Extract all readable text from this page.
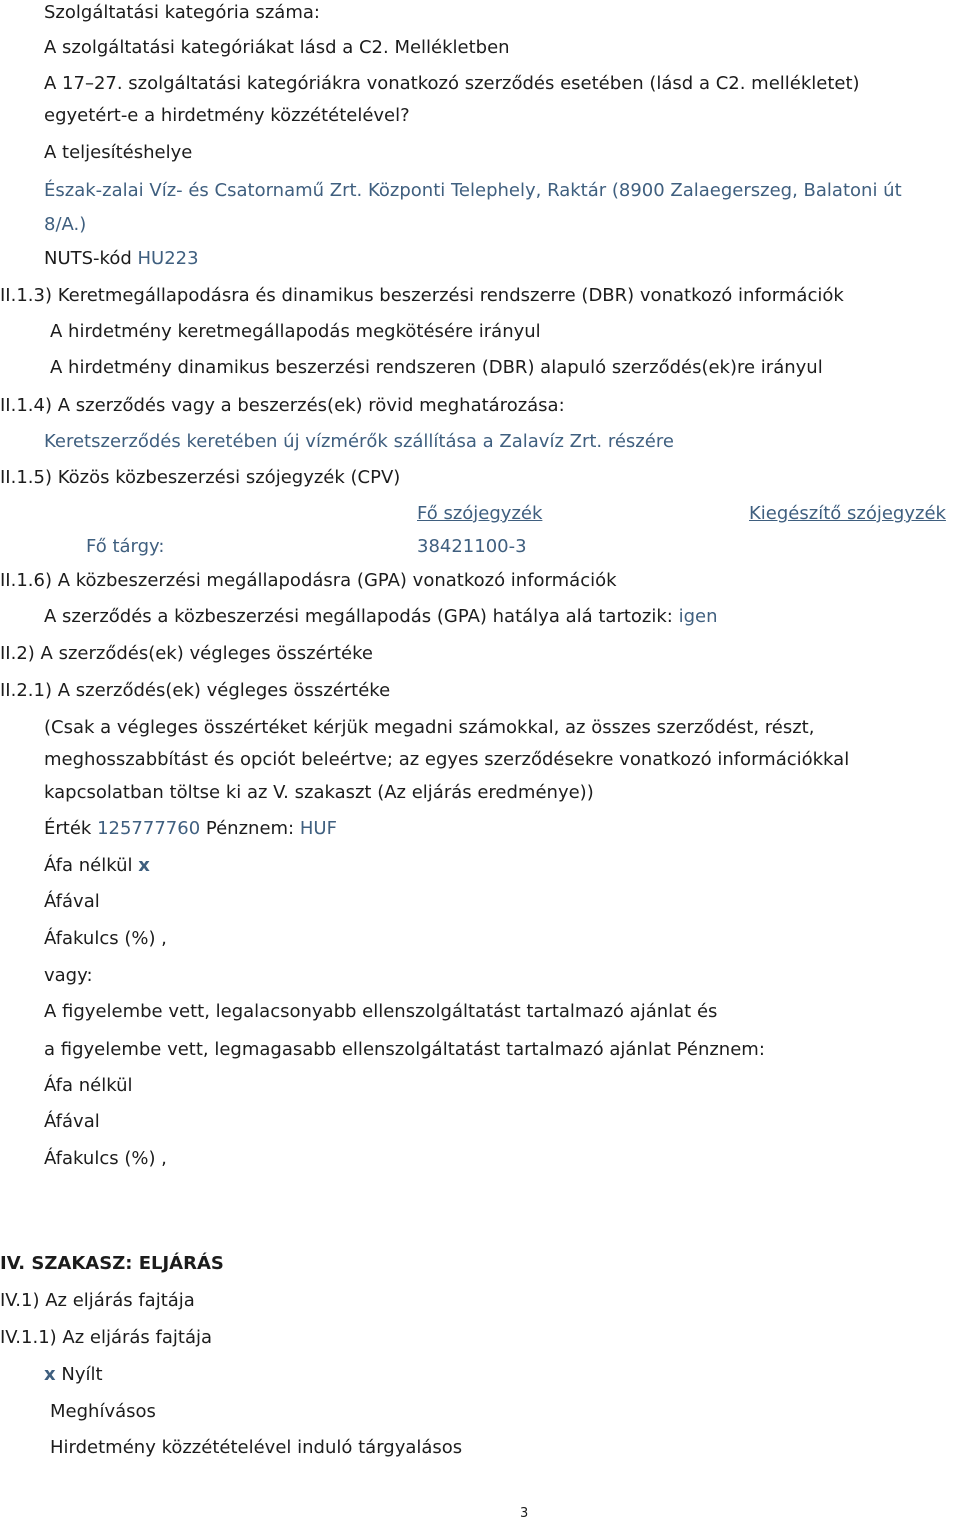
Szolgáltatási kategória száma:
A szolgáltatási kategóriákat lásd a C2. Mellékletben
A 17–27. szolgáltatási kategóriákra vonatkozó szerződés esetében (lásd a C2. mellékletet)
egyetért-e a hirdetmény közzétételével?
A teljesítéshelye
Észak-zalai Víz- és Csatornamű Zrt. Központi Telephely, Raktár (8900 Zalaegerszeg, Balatoni út
8/A.)
NUTS-kód HU223
II.1.3) Keretmegállapodásra és dinamikus beszerzési rendszerre (DBR) vonatkozó információk
A hirdetmény keretmegállapodás megkötésére irányul
A hirdetmény dinamikus beszerzési rendszeren (DBR) alapuló szerződés(ek)re irányul
II.1.4) A szerződés vagy a beszerzés(ek) rövid meghatározása:
Keretszerződés keretében új vízmérők szállítása a Zalavíz Zrt. részére
II.1.5) Közös közbeszerzési szójegyzék (CPV)
Fő szójegyzék	Kiegészítő szójegyzék
Fő tárgy:	38421100-3
II.1.6) A közbeszerzési megállapodásra (GPA) vonatkozó információk
A szerződés a közbeszerzési megállapodás (GPA) hatálya alá tartozik: igen
II.2) A szerződés(ek) végleges összértéke
II.2.1) A szerződés(ek) végleges összértéke
(Csak a végleges összértéket kérjük megadni számokkal, az összes szerződést, részt,
meghosszabbítást és opciót beleértve; az egyes szerződésekre vonatkozó információkkal
kapcsolatban töltse ki az V. szakaszt (Az eljárás eredménye))
Érték 125777760 Pénznem: HUF
Áfa nélkül x
Áfával
Áfakulcs (%) ,
vagy:
A figyelembe vett, legalacsonyabb ellenszolgáltatást tartalmazó ajánlat és
a figyelembe vett, legmagasabb ellenszolgáltatást tartalmazó ajánlat Pénznem:
Áfa nélkül
Áfával
Áfakulcs (%) ,
IV. SZAKASZ: ELJÁRÁS
IV.1) Az eljárás fajtája
IV.1.1) Az eljárás fajtája
x Nyílt
Meghívásos
Hirdetmény közzétételével induló tárgyalásos
3
